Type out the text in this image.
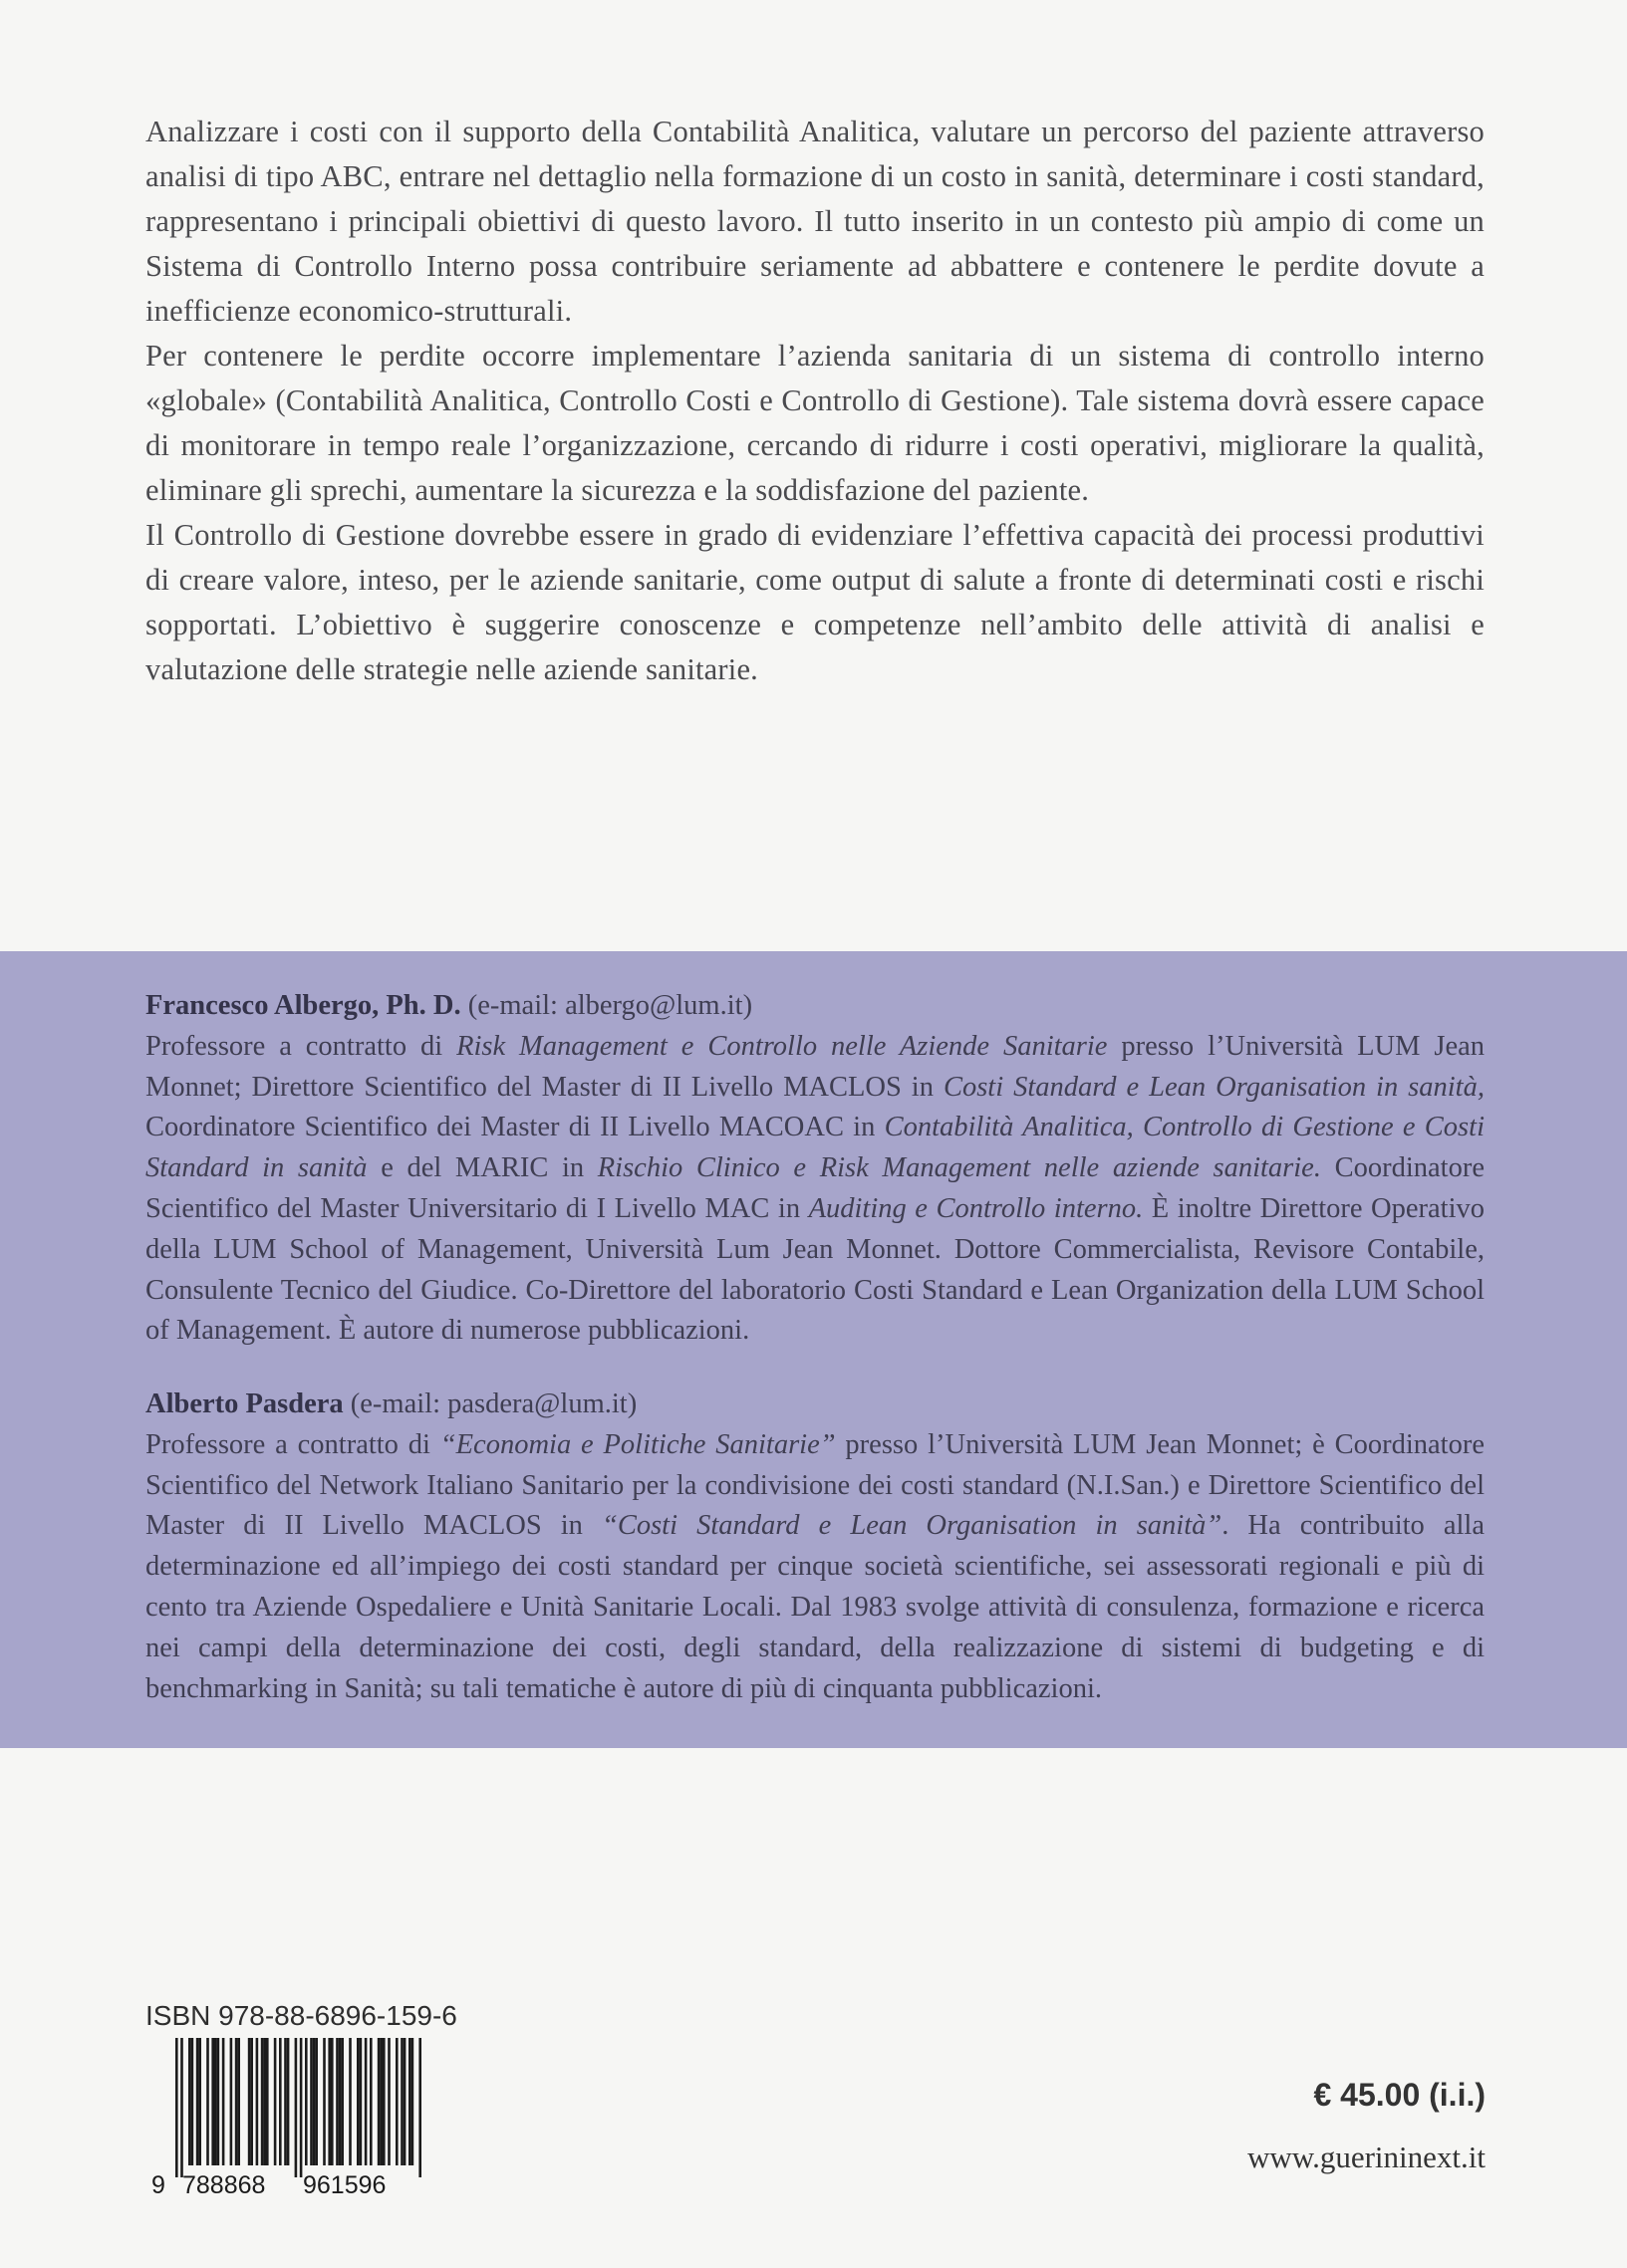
Analizzare i costi con il supporto della Contabilità Analitica, valutare un percorso del paziente attraverso analisi di tipo ABC, entrare nel dettaglio nella formazione di un costo in sanità, determinare i costi standard, rappresentano i principali obiettivi di questo lavoro. Il tutto inserito in un contesto più ampio di come un Sistema di Controllo Interno possa contribuire seriamente ad abbattere e contenere le perdite dovute a inefficienze economico-strutturali.

Per contenere le perdite occorre implementare l’azienda sanitaria di un sistema di controllo interno «globale» (Contabilità Analitica, Controllo Costi e Controllo di Gestione). Tale sistema dovrà essere capace di monitorare in tempo reale l’organizzazione, cercando di ridurre i costi operativi, migliorare la qualità, eliminare gli sprechi, aumentare la sicurezza e la soddisfazione del paziente.

Il Controllo di Gestione dovrebbe essere in grado di evidenziare l’effettiva capacità dei processi produttivi di creare valore, inteso, per le aziende sanitarie, come output di salute a fronte di determinati costi e rischi sopportati. L’obiettivo è suggerire conoscenze e competenze nell’ambito delle attività di analisi e valutazione delle strategie nelle aziende sanitarie.

Francesco Albergo, Ph. D. (e-mail: albergo@lum.it)

Professore a contratto di Risk Management e Controllo nelle Aziende Sanitarie presso l’Università LUM Jean Monnet; Direttore Scientifico del Master di II Livello MACLOS in Costi Standard e Lean Organisation in sanità, Coordinatore Scientifico dei Master di II Livello MACOAC in Contabilità Analitica, Controllo di Gestione e Costi Standard in sanità e del MARIC in Rischio Clinico e Risk Management nelle aziende sanitarie. Coordinatore Scientifico del Master Universitario di I Livello MAC in Auditing e Controllo interno. È inoltre Direttore Operativo della LUM School of Management, Università Lum Jean Monnet. Dottore Commercialista, Revisore Contabile, Consulente Tecnico del Giudice. Co-Direttore del laboratorio Costi Standard e Lean Organization della LUM School of Management. È autore di numerose pubblicazioni.

Alberto Pasdera (e-mail: pasdera@lum.it)

Professore a contratto di “Economia e Politiche Sanitarie” presso l’Università LUM Jean Monnet; è Coordinatore Scientifico del Network Italiano Sanitario per la condivisione dei costi standard (N.I.San.) e Direttore Scientifico del Master di II Livello MACLOS in “Costi Standard e Lean Organisation in sanità”. Ha contribuito alla determinazione ed all’impiego dei costi standard per cinque società scientifiche, sei assessorati regionali e più di cento tra Aziende Ospedaliere e Unità Sanitarie Locali. Dal 1983 svolge attività di consulenza, formazione e ricerca nei campi della determinazione dei costi, degli standard, della realizzazione di sistemi di budgeting e di benchmarking in Sanità; su tali tematiche è autore di più di cinquanta pubblicazioni.

ISBN 978-88-6896-159-6
9 788868 961596
€ 45.00 (i.i.)
www.guerininext.it
